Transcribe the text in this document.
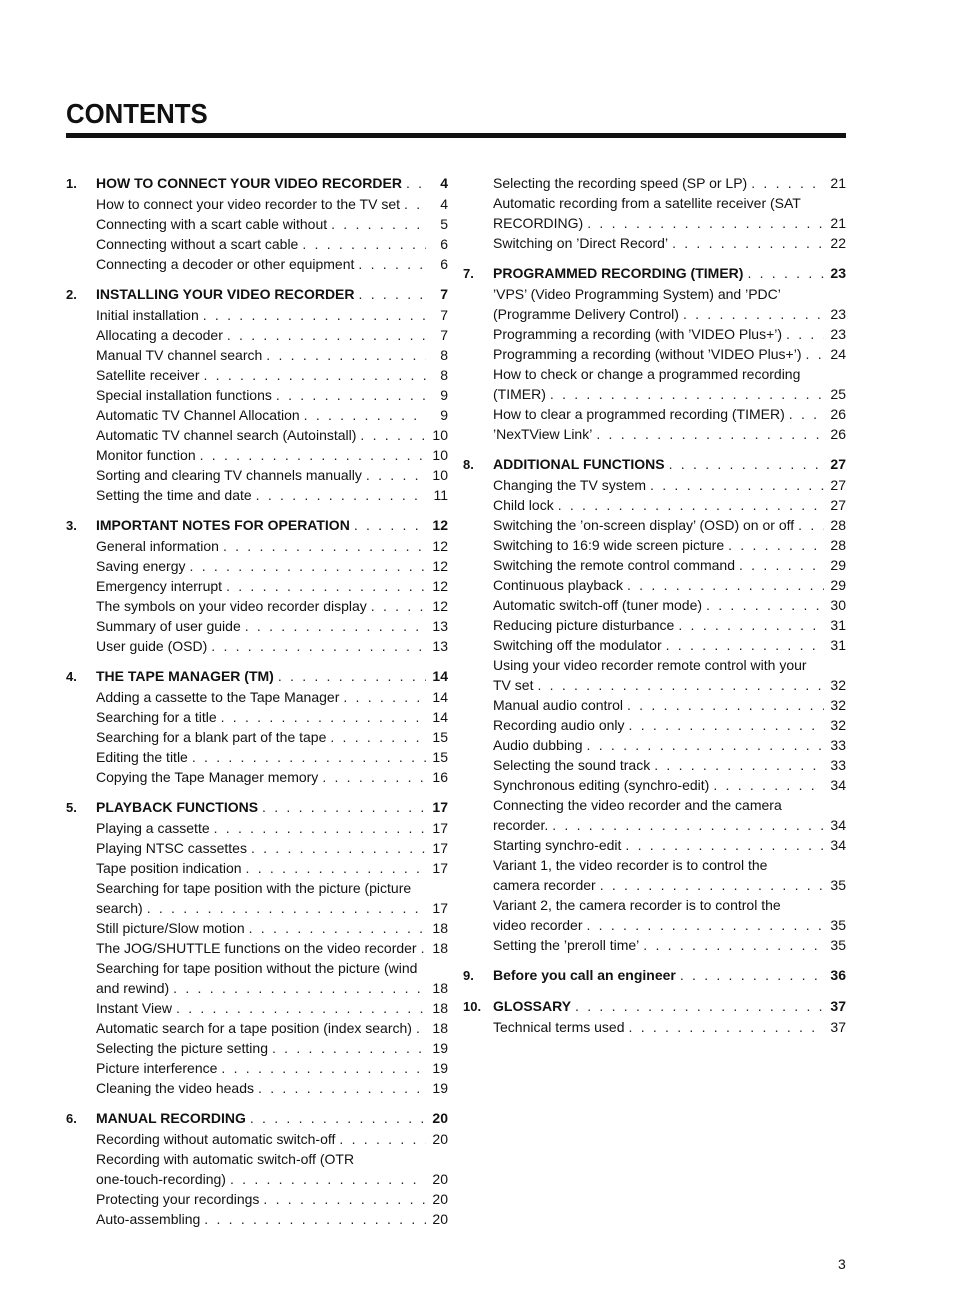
CONTENTS
1.	HOW TO CONNECT YOUR VIDEO RECORDER . . .	4
How to connect your video recorder to the TV set . . .	4
Connecting with a scart cable without . . .	5
Connecting without a scart cable . . .	6
Connecting a decoder or other equipment . . .	6
2.	INSTALLING YOUR VIDEO RECORDER . . .	7
Initial installation . . .	7
Allocating a decoder . . .	7
Manual TV channel search . . .	8
Satellite receiver . . .	8
Special installation functions . . .	9
Automatic TV Channel Allocation . . .	9
Automatic TV channel search (Autoinstall) . . .	10
Monitor function . . .	10
Sorting and clearing TV channels manually . . .	10
Setting the time and date . . .	11
3.	IMPORTANT NOTES FOR OPERATION . . .	12
General information . . .	12
Saving energy . . .	12
Emergency interrupt . . .	12
The symbols on your video recorder display . . .	12
Summary of user guide . . .	13
User guide (OSD) . . .	13
4.	THE TAPE MANAGER (TM) . . .	14
Adding a cassette to the Tape Manager . . .	14
Searching for a title . . .	14
Searching for a blank part of the tape . . .	15
Editing the title . . .	15
Copying the Tape Manager memory . . .	16
5.	PLAYBACK FUNCTIONS . . .	17
Playing a cassette . . .	17
Playing NTSC cassettes . . .	17
Tape position indication . . .	17
Searching for tape position with the picture (picture
search) . . .	17
Still picture/Slow motion . . .	18
The JOG/SHUTTLE functions on the video recorder . . .	18
Searching for tape position without the picture (wind
and rewind) . . .	18
Instant View . . .	18
Automatic search for a tape position (index search) . . .	18
Selecting the picture setting . . .	19
Picture interference . . .	19
Cleaning the video heads . . .	19
6.	MANUAL RECORDING . . .	20
Recording without automatic switch-off . . .	20
Recording with automatic switch-off (OTR
one-touch-recording) . . .	20
Protecting your recordings . . .	20
Auto-assembling . . .	20
Selecting the recording speed (SP or LP) . . .	21
Automatic recording from a satellite receiver (SAT
RECORDING) . . .	21
Switching on ’Direct Record’ . . .	22
7.	PROGRAMMED RECORDING (TIMER) . . .	23
’VPS’ (Video Programming System) and ’PDC’
(Programme Delivery Control) . . .	23
Programming a recording (with ’VIDEO Plus+’) . . .	23
Programming a recording (without ’VIDEO Plus+’) . . .	24
How to check or change a programmed recording
(TIMER) . . .	25
How to clear a programmed recording (TIMER) . . .	26
’NexTView Link’ . . .	26
8.	ADDITIONAL FUNCTIONS . . .	27
Changing the TV system . . .	27
Child lock . . .	27
Switching the ’on-screen display’ (OSD) on or off . . .	28
Switching to 16:9 wide screen picture . . .	28
Switching the remote control command . . .	29
Continuous playback . . .	29
Automatic switch-off (tuner mode) . . .	30
Reducing picture disturbance . . .	31
Switching off the modulator . . .	31
Using your video recorder remote control with your
TV set . . .	32
Manual audio control . . .	32
Recording audio only . . .	32
Audio dubbing . . .	33
Selecting the sound track . . .	33
Synchronous editing (synchro-edit) . . .	34
Connecting the video recorder and the camera
recorder. . . .	34
Starting synchro-edit . . .	34
Variant 1, the video recorder is to control the
camera recorder . . .	35
Variant 2, the camera recorder is to control the
video recorder . . .	35
Setting the ’preroll time’ . . .	35
9.	Before you call an engineer . . .	36
10. GLOSSARY . . .	37
Technical terms used . . .	37
3
